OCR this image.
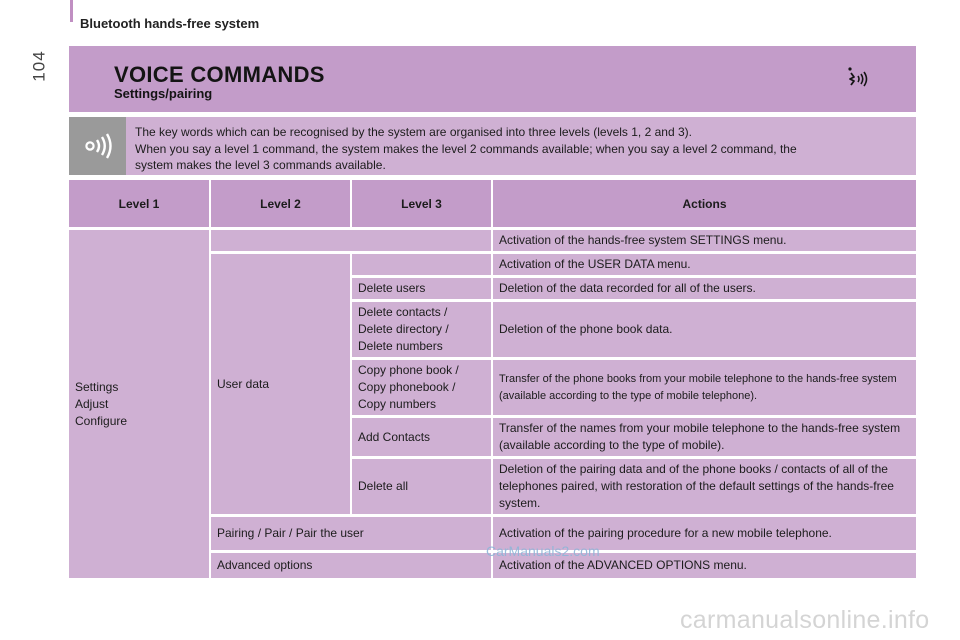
Bluetooth hands-free system
104	VOICE COMMANDS
Settings/pairing
The key words which can be recognised by the system are organised into three levels (levels 1, 2 and 3).
When you say a level 1 command, the system makes the level 2 commands available; when you say a level 2 command, the
system makes the level 3 commands available.
Level 1	Level 2	Level 3	Actions

Settings
Adjust
Configure			Activation of the hands-free system SETTINGS menu.
	User data		Activation of the USER DATA menu.

		Delete users	Deletion of the data recorded for all of the users.

		Delete contacts /
Delete directory /
Delete numbers	Deletion of the phone book data.

		Copy phone book /
Copy phonebook /
Copy numbers	Transfer of the phone books from your mobile telephone to the hands-free system (available according to the type of mobile telephone).

		Add Contacts	Transfer of the names from your mobile telephone to the hands-free system (available according to the type of mobile).

		Delete all	Deletion of the pairing data and of the phone books / contacts of all of the telephones paired, with restoration of the default settings of the hands-free system.
	Pairing / Pair / Pair the user		Activation of the pairing procedure for a new mobile telephone.
	Advanced options		Activation of the ADVANCED OPTIONS menu.
CarManuals2.com
carmanualsonline.info
